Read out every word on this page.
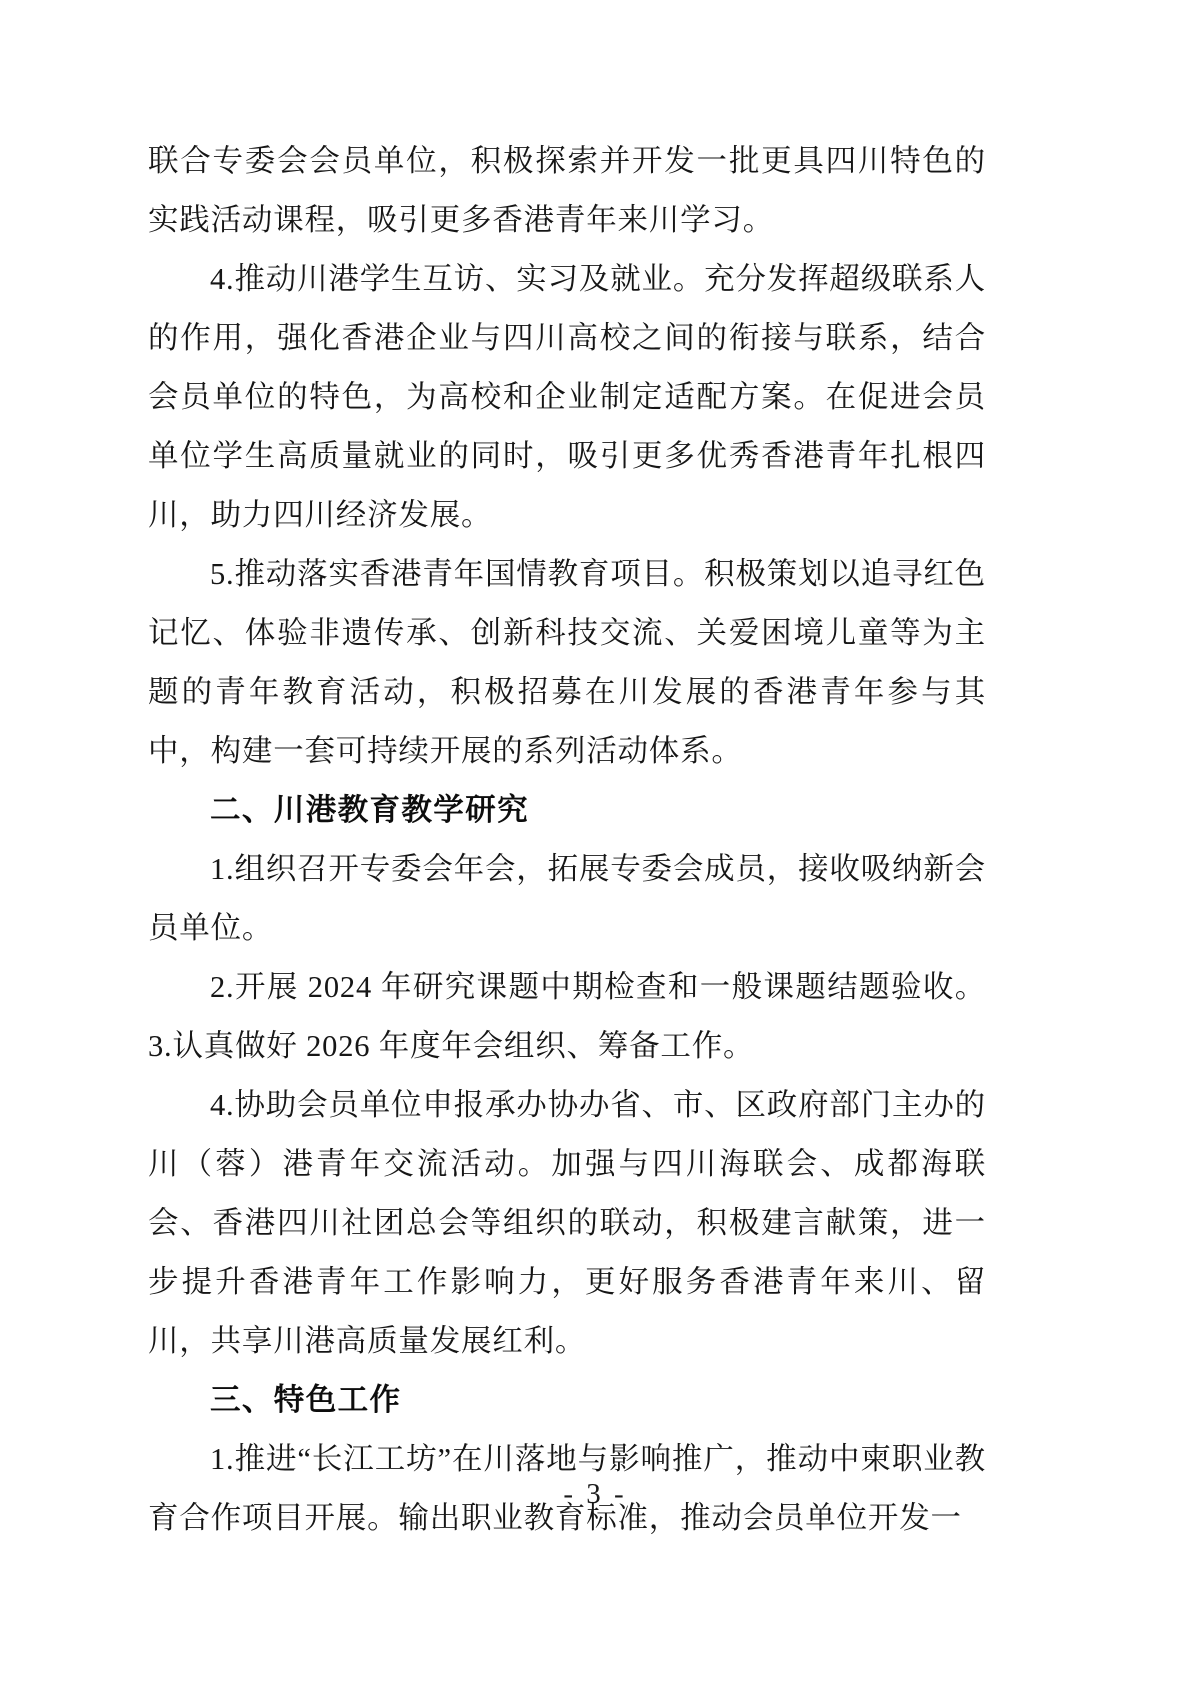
联合专委会会员单位，积极探索并开发一批更具四川特色的实践活动课程，吸引更多香港青年来川学习。

4.推动川港学生互访、实习及就业。充分发挥超级联系人的作用，强化香港企业与四川高校之间的衔接与联系，结合会员单位的特色，为高校和企业制定适配方案。在促进会员单位学生高质量就业的同时，吸引更多优秀香港青年扎根四川，助力四川经济发展。

5.推动落实香港青年国情教育项目。积极策划以追寻红色记忆、体验非遗传承、创新科技交流、关爱困境儿童等为主题的青年教育活动，积极招募在川发展的香港青年参与其中，构建一套可持续开展的系列活动体系。

二、川港教育教学研究

1.组织召开专委会年会，拓展专委会成员，接收吸纳新会员单位。

2.开展 2024 年研究课题中期检查和一般课题结题验收。3.认真做好 2026 年度年会组织、筹备工作。

4.协助会员单位申报承办协办省、市、区政府部门主办的川（蓉）港青年交流活动。加强与四川海联会、成都海联会、香港四川社团总会等组织的联动，积极建言献策，进一步提升香港青年工作影响力，更好服务香港青年来川、留川，共享川港高质量发展红利。

三、特色工作

1.推进“长江工坊”在川落地与影响推广，推动中柬职业教育合作项目开展。输出职业教育标准，推动会员单位开发一

- 3 -
